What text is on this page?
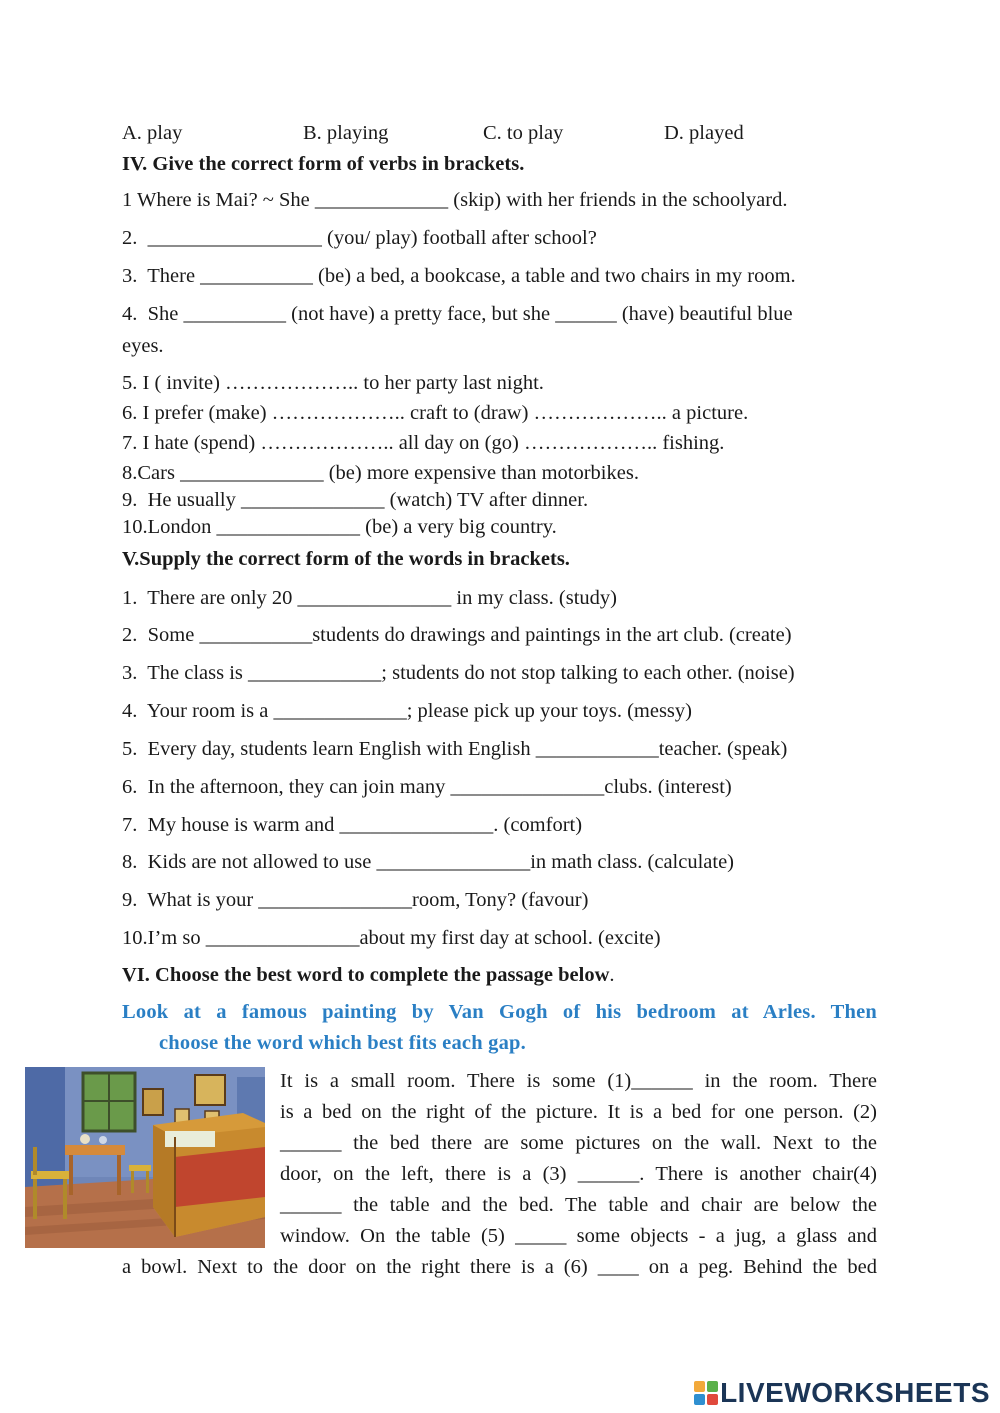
A. play	B. playing	C. to play	D. played
IV. Give the correct form of verbs in brackets.
1 Where is Mai? ~ She _____________ (skip) with her friends in the schoolyard.
2.  _________________ (you/ play) football after school?
3.  There ___________ (be) a bed, a bookcase, a table and two chairs in my room.
4.  She __________ (not have) a pretty face, but she ______ (have) beautiful blue
eyes.
5. I ( invite) ……………….. to her party last night.
6. I prefer (make) ……………….. craft to (draw) ……………….. a picture.
7. I hate (spend) ……………….. all day on (go) ……………….. fishing.
8.Cars ______________ (be) more expensive than motorbikes.
9.  He usually ______________ (watch) TV after dinner.
10.London ______________ (be) a very big country.
V.Supply the correct form of the words in brackets.
1.  There are only 20 _______________ in my class. (study)
2.  Some ___________students do drawings and paintings in the art club. (create)
3.  The class is _____________; students do not stop talking to each other. (noise)
4.  Your room is a _____________; please pick up your toys. (messy)
5.  Every day, students learn English with English ____________teacher. (speak)
6.  In the afternoon, they can join many _______________clubs. (interest)
7.  My house is warm and _______________. (comfort)
8.  Kids are not allowed to use _______________in math class. (calculate)
9.  What is your _______________room, Tony? (favour)
10.I’m so _______________about my first day at school. (excite)
VI. Choose the best word to complete the passage below.
Look at a famous painting by Van Gogh of his bedroom at Arles. Then
choose the word which best fits each gap.
It is a small room. There is some (1)______ in the room. There
is a bed on the right of the picture. It is a bed for one person. (2)
______ the bed there are some pictures on the wall. Next to the
door, on the left, there is a (3) ______. There is another chair(4)
______ the table and the bed. The table and chair are below the
window. On the table (5) _____ some objects - a jug, a glass and
a bowl. Next to the door on the right there is a (6) ____ on a peg. Behind the bed
LIVEWORKSHEETS
